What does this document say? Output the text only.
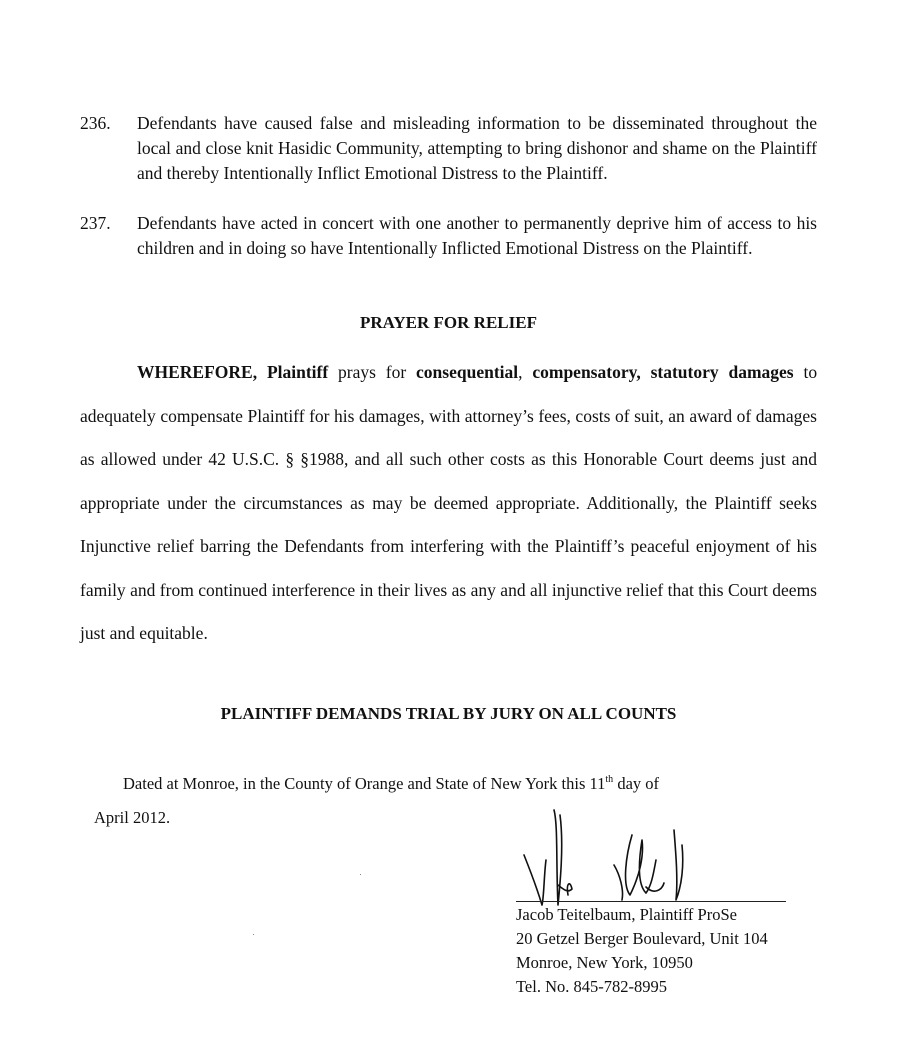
236. Defendants have caused false and misleading information to be disseminated throughout the local and close knit Hasidic Community, attempting to bring dishonor and shame on the Plaintiff and thereby Intentionally Inflict Emotional Distress to the Plaintiff.
237. Defendants have acted in concert with one another to permanently deprive him of access to his children and in doing so have Intentionally Inflicted Emotional Distress on the Plaintiff.
PRAYER FOR RELIEF
WHEREFORE, Plaintiff prays for consequential, compensatory, statutory damages to adequately compensate Plaintiff for his damages, with attorney’s fees, costs of suit, an award of damages as allowed under 42 U.S.C. § §1988, and all such other costs as this Honorable Court deems just and appropriate under the circumstances as may be deemed appropriate. Additionally, the Plaintiff seeks Injunctive relief barring the Defendants from interfering with the Plaintiff’s peaceful enjoyment of his family and from continued interference in their lives as any and all injunctive relief that this Court deems just and equitable.
PLAINTIFF DEMANDS TRIAL BY JURY ON ALL COUNTS
Dated at Monroe, in the County of Orange and State of New York this 11th day of
April 2012.
Jacob Teitelbaum, Plaintiff ProSe
20 Getzel Berger Boulevard, Unit 104
Monroe, New York, 10950
Tel. No. 845-782-8995
